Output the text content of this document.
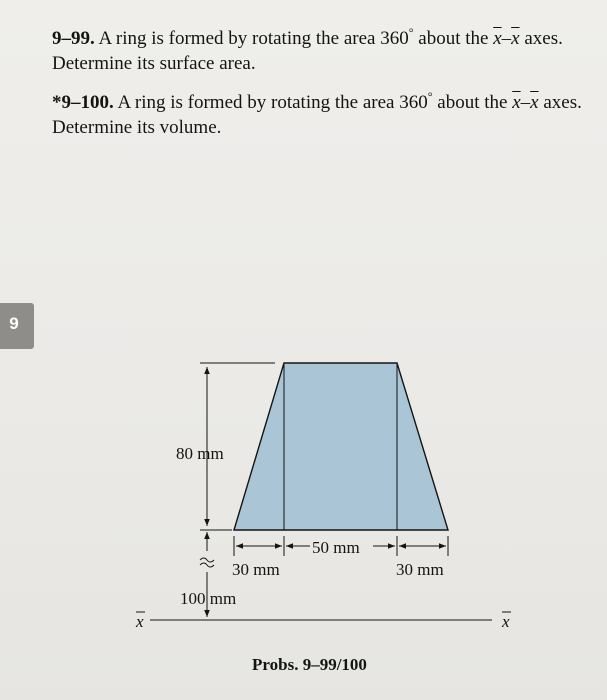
9–99. A ring is formed by rotating the area 360° about the $\overline{x}-\overline{x}$ axes. Determine its surface area.
*9–100. A ring is formed by rotating the area 360° about the $\overline{x}-\overline{x}$ axes. Determine its volume.
9
80 mm
100 mm
50 mm
30 mm	30 mm
x	x
Probs. 9–99/100
